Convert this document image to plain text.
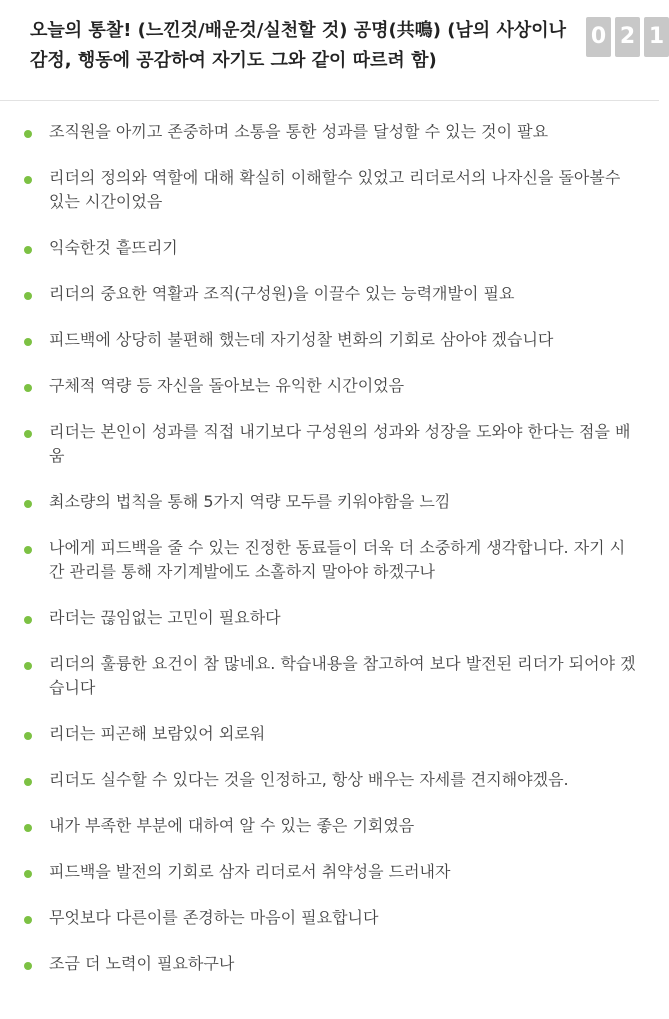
오늘의 통찰! (느낀것/배운것/실천할 것) 공명(共鳴) (남의 사상이나 감정, 행동에 공감하여 자기도 그와 같이 따르려 함)
0 2 1
조직원을 아끼고 존중하며 소통을 통한 성과를 달성할 수 있는 것이 팔요
리더의 정의와 역할에 대해 확실히 이해할수 있었고 리더로서의 나자신을 돌아볼수 있는 시간이었음
익숙한것 흩뜨리기
리더의 중요한 역활과 조직(구성원)을 이끌수 있는 능력개발이 필요
피드백에 상당히 불편해 했는데 자기성찰 변화의 기회로 삼아야 겠습니다
구체적 역량 등 자신을 돌아보는 유익한 시간이었음
리더는 본인이 성과를 직접 내기보다 구성원의 성과와 성장을 도와야 한다는 점을 배움
최소량의 법칙을 통해 5가지 역량 모두를 키워야함을 느낌
나에게 피드백을 줄 수 있는 진정한 동료들이 더욱 더 소중하게 생각합니다. 자기 시간 관리를 통해 자기계발에도 소홀하지 말아야 하겠구나
라더는 끊임없는 고민이 필요하다
리더의 훌륭한 요건이 참 많네요. 학습내용을 참고하여 보다 발전된 리더가 되어야 겠습니다
리더는 피곤해 보람있어 외로워
리더도 실수할 수 있다는 것을 인정하고, 항상 배우는 자세를 견지해야겠음.
내가 부족한 부분에 대하여 알 수 있는 좋은 기회였음
피드백을 발전의 기회로 삼자 리더로서 취약성을 드러내자
무엇보다 다른이를 존경하는 마음이 필요합니다
조금 더 노력이 필요하구나
